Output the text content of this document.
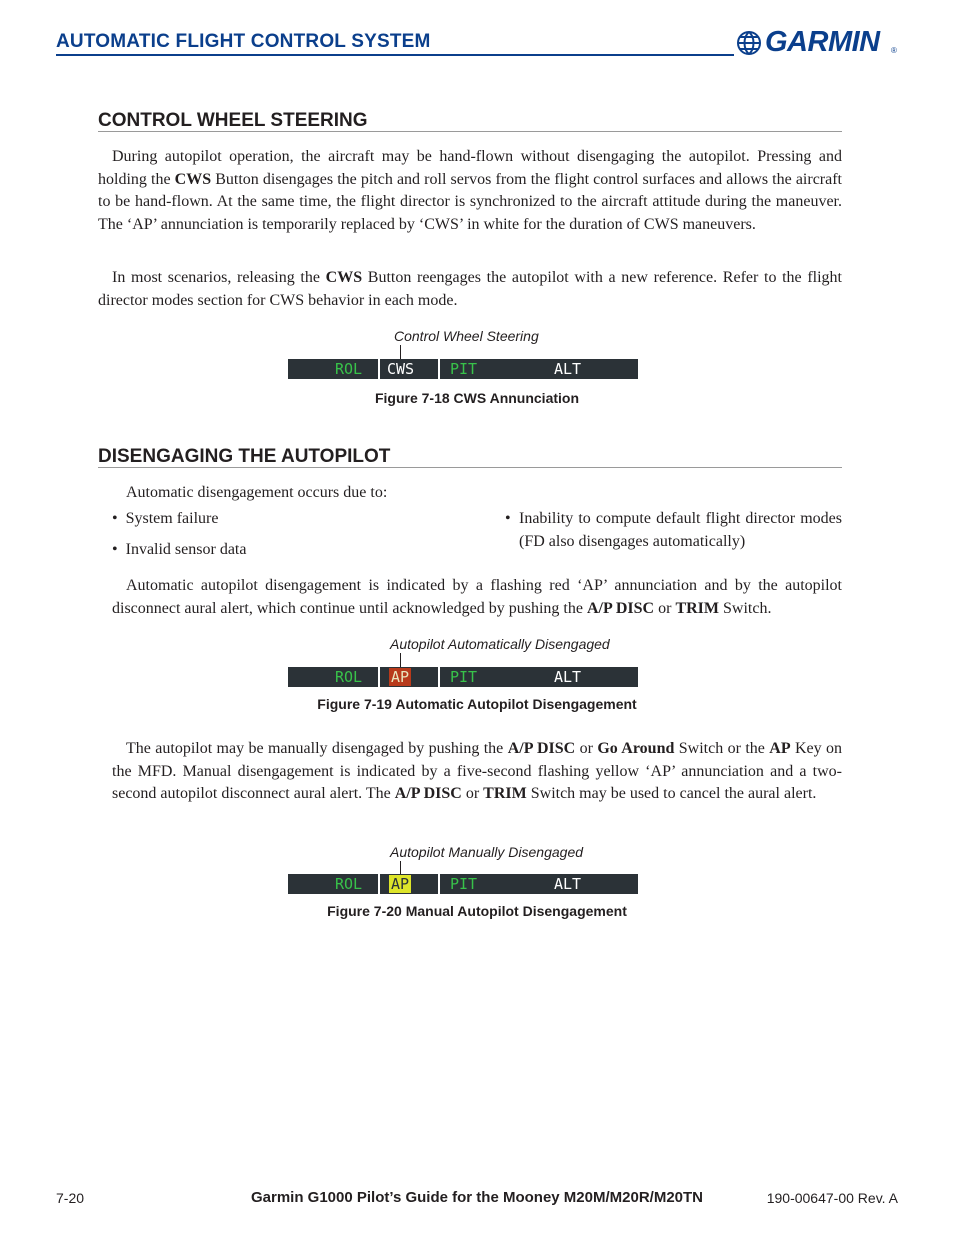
AUTOMATIC FLIGHT CONTROL SYSTEM	GARMIN ®
CONTROL WHEEL STEERING

During autopilot operation, the aircraft may be hand-flown without disengaging the autopilot. Pressing and holding the CWS Button disengages the pitch and roll servos from the flight control surfaces and allows the aircraft to be hand-flown. At the same time, the flight director is synchronized to the aircraft attitude during the maneuver. The ‘AP’ annunciation is temporarily replaced by ‘CWS’ in white for the duration of CWS maneuvers.

In most scenarios, releasing the CWS Button reengages the autopilot with a new reference. Refer to the flight director modes section for CWS behavior in each mode.

Control Wheel Steering
ROL CWS PIT	ALT
Figure 7-18 CWS Annunciation
DISENGAGING THE AUTOPILOT
Automatic disengagement occurs due to:
•  System failure
•  Invalid sensor data
• Inability to compute default flight director modes (FD also disengages automatically)

Automatic autopilot disengagement is indicated by a flashing red ‘AP’ annunciation and by the autopilot disconnect aural alert, which continue until acknowledged by pushing the A/P DISC or TRIM Switch.

Autopilot Automatically Disengaged
ROL AP	PIT	ALT
Figure 7-19 Automatic Autopilot Disengagement

The autopilot may be manually disengaged by pushing the A/P DISC or Go Around Switch or the AP Key on the MFD. Manual disengagement is indicated by a five-second flashing yellow ‘AP’ annunciation and a two-second autopilot disconnect aural alert. The A/P DISC or TRIM Switch may be used to cancel the aural alert.

Autopilot Manually Disengaged
ROL AP	PIT	ALT
Figure 7-20 Manual Autopilot Disengagement
7-20	Garmin G1000 Pilot’s Guide for the Mooney M20M/M20R/M20TN	190-00647-00 Rev. A
